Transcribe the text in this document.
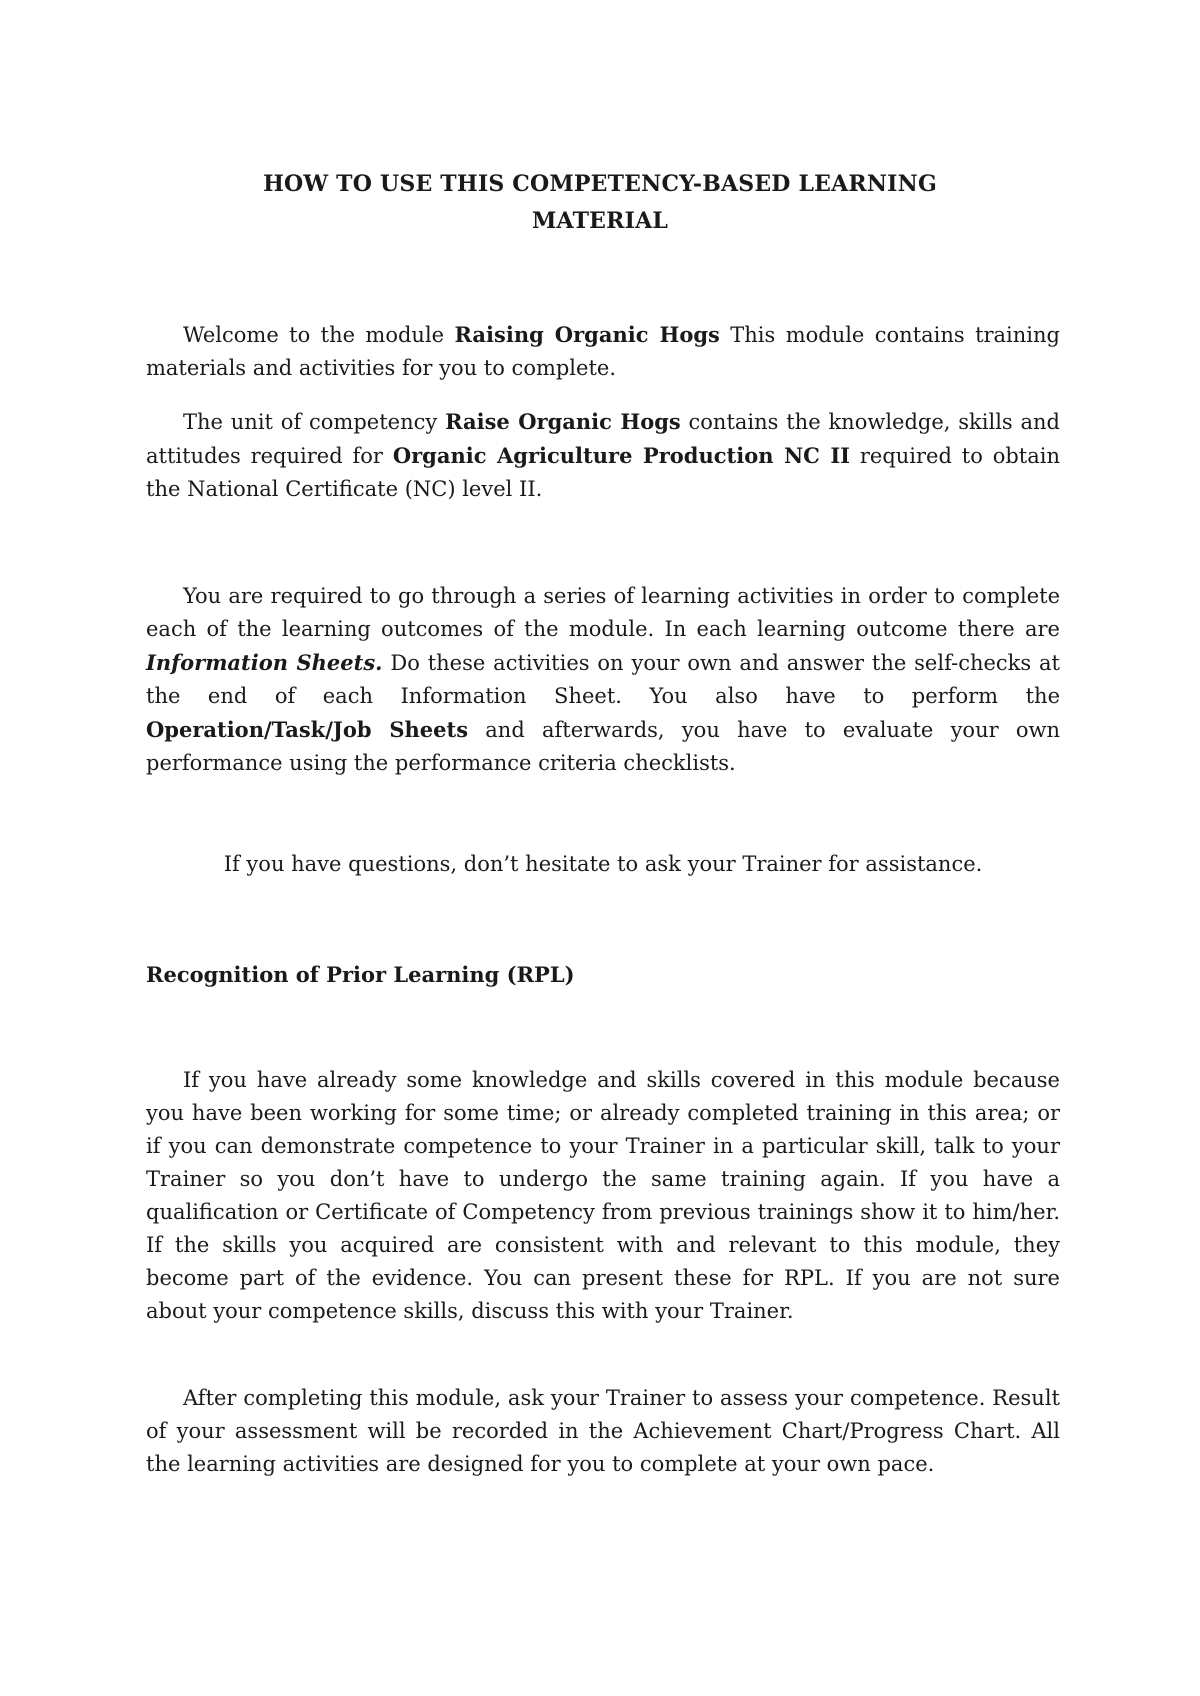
HOW TO USE THIS COMPETENCY-BASED LEARNING
MATERIAL

Welcome to the module Raising Organic Hogs This module contains training materials and activities for you to complete.

The unit of competency Raise Organic Hogs contains the knowledge, skills and attitudes required for Organic Agriculture Production NC II required to obtain the National Certificate (NC) level II.

You are required to go through a series of learning activities in order to complete each of the learning outcomes of the module. In each learning outcome there are Information Sheets. Do these activities on your own and answer the self-checks at the end of each Information Sheet. You also have to perform the Operation/Task/Job Sheets and afterwards, you have to evaluate your own performance using the performance criteria checklists.

If you have questions, don’t hesitate to ask your Trainer for assistance.

Recognition of Prior Learning (RPL)

If you have already some knowledge and skills covered in this module because you have been working for some time; or already completed training in this area; or if you can demonstrate competence to your Trainer in a particular skill, talk to your Trainer so you don’t have to undergo the same training again. If you have a qualification or Certificate of Competency from previous trainings show it to him/her. If the skills you acquired are consistent with and relevant to this module, they become part of the evidence. You can present these for RPL. If you are not sure about your competence skills, discuss this with your Trainer.

After completing this module, ask your Trainer to assess your competence. Result of your assessment will be recorded in the Achievement Chart/Progress Chart. All the learning activities are designed for you to complete at your own pace.
